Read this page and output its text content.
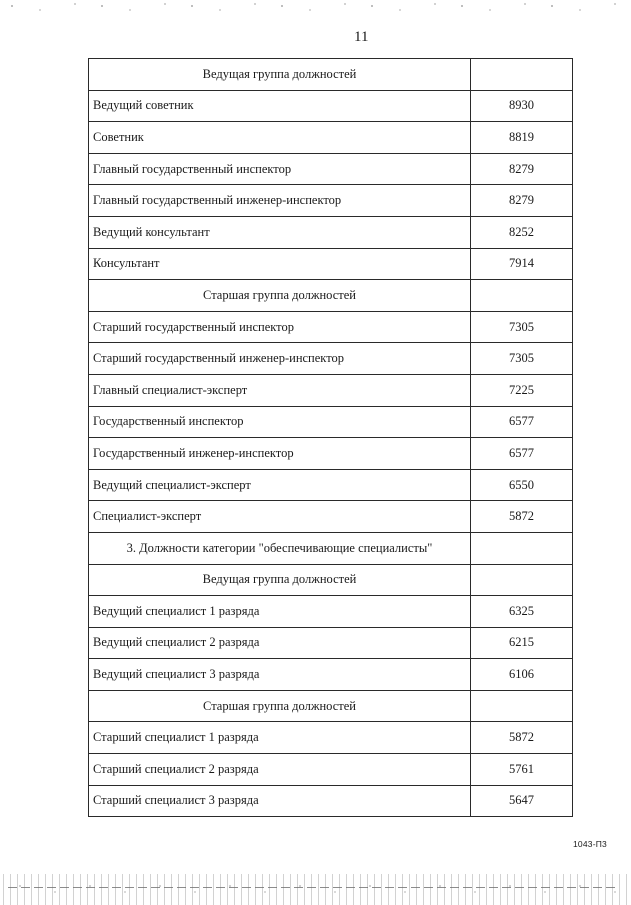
11
Ведущая группа должностей	
Ведущий советник	8930
Советник	8819
Главный государственный инспектор	8279
Главный государственный инженер-инспектор	8279
Ведущий консультант	8252
Консультант	7914
Старшая группа должностей	
Старший государственный инспектор	7305
Старший государственный инженер-инспектор	7305
Главный специалист-эксперт	7225
Государственный инспектор	6577
Государственный инженер-инспектор	6577
Ведущий специалист-эксперт	6550
Специалист-эксперт	5872
3. Должности категории "обеспечивающие специалисты"	
Ведущая группа должностей	
Ведущий специалист 1 разряда	6325
Ведущий специалист 2 разряда	6215
Ведущий специалист 3 разряда	6106
Старшая группа должностей	
Старший специалист 1 разряда	5872
Старший специалист 2 разряда	5761
Старший специалист 3 разряда	5647
1043-П3
